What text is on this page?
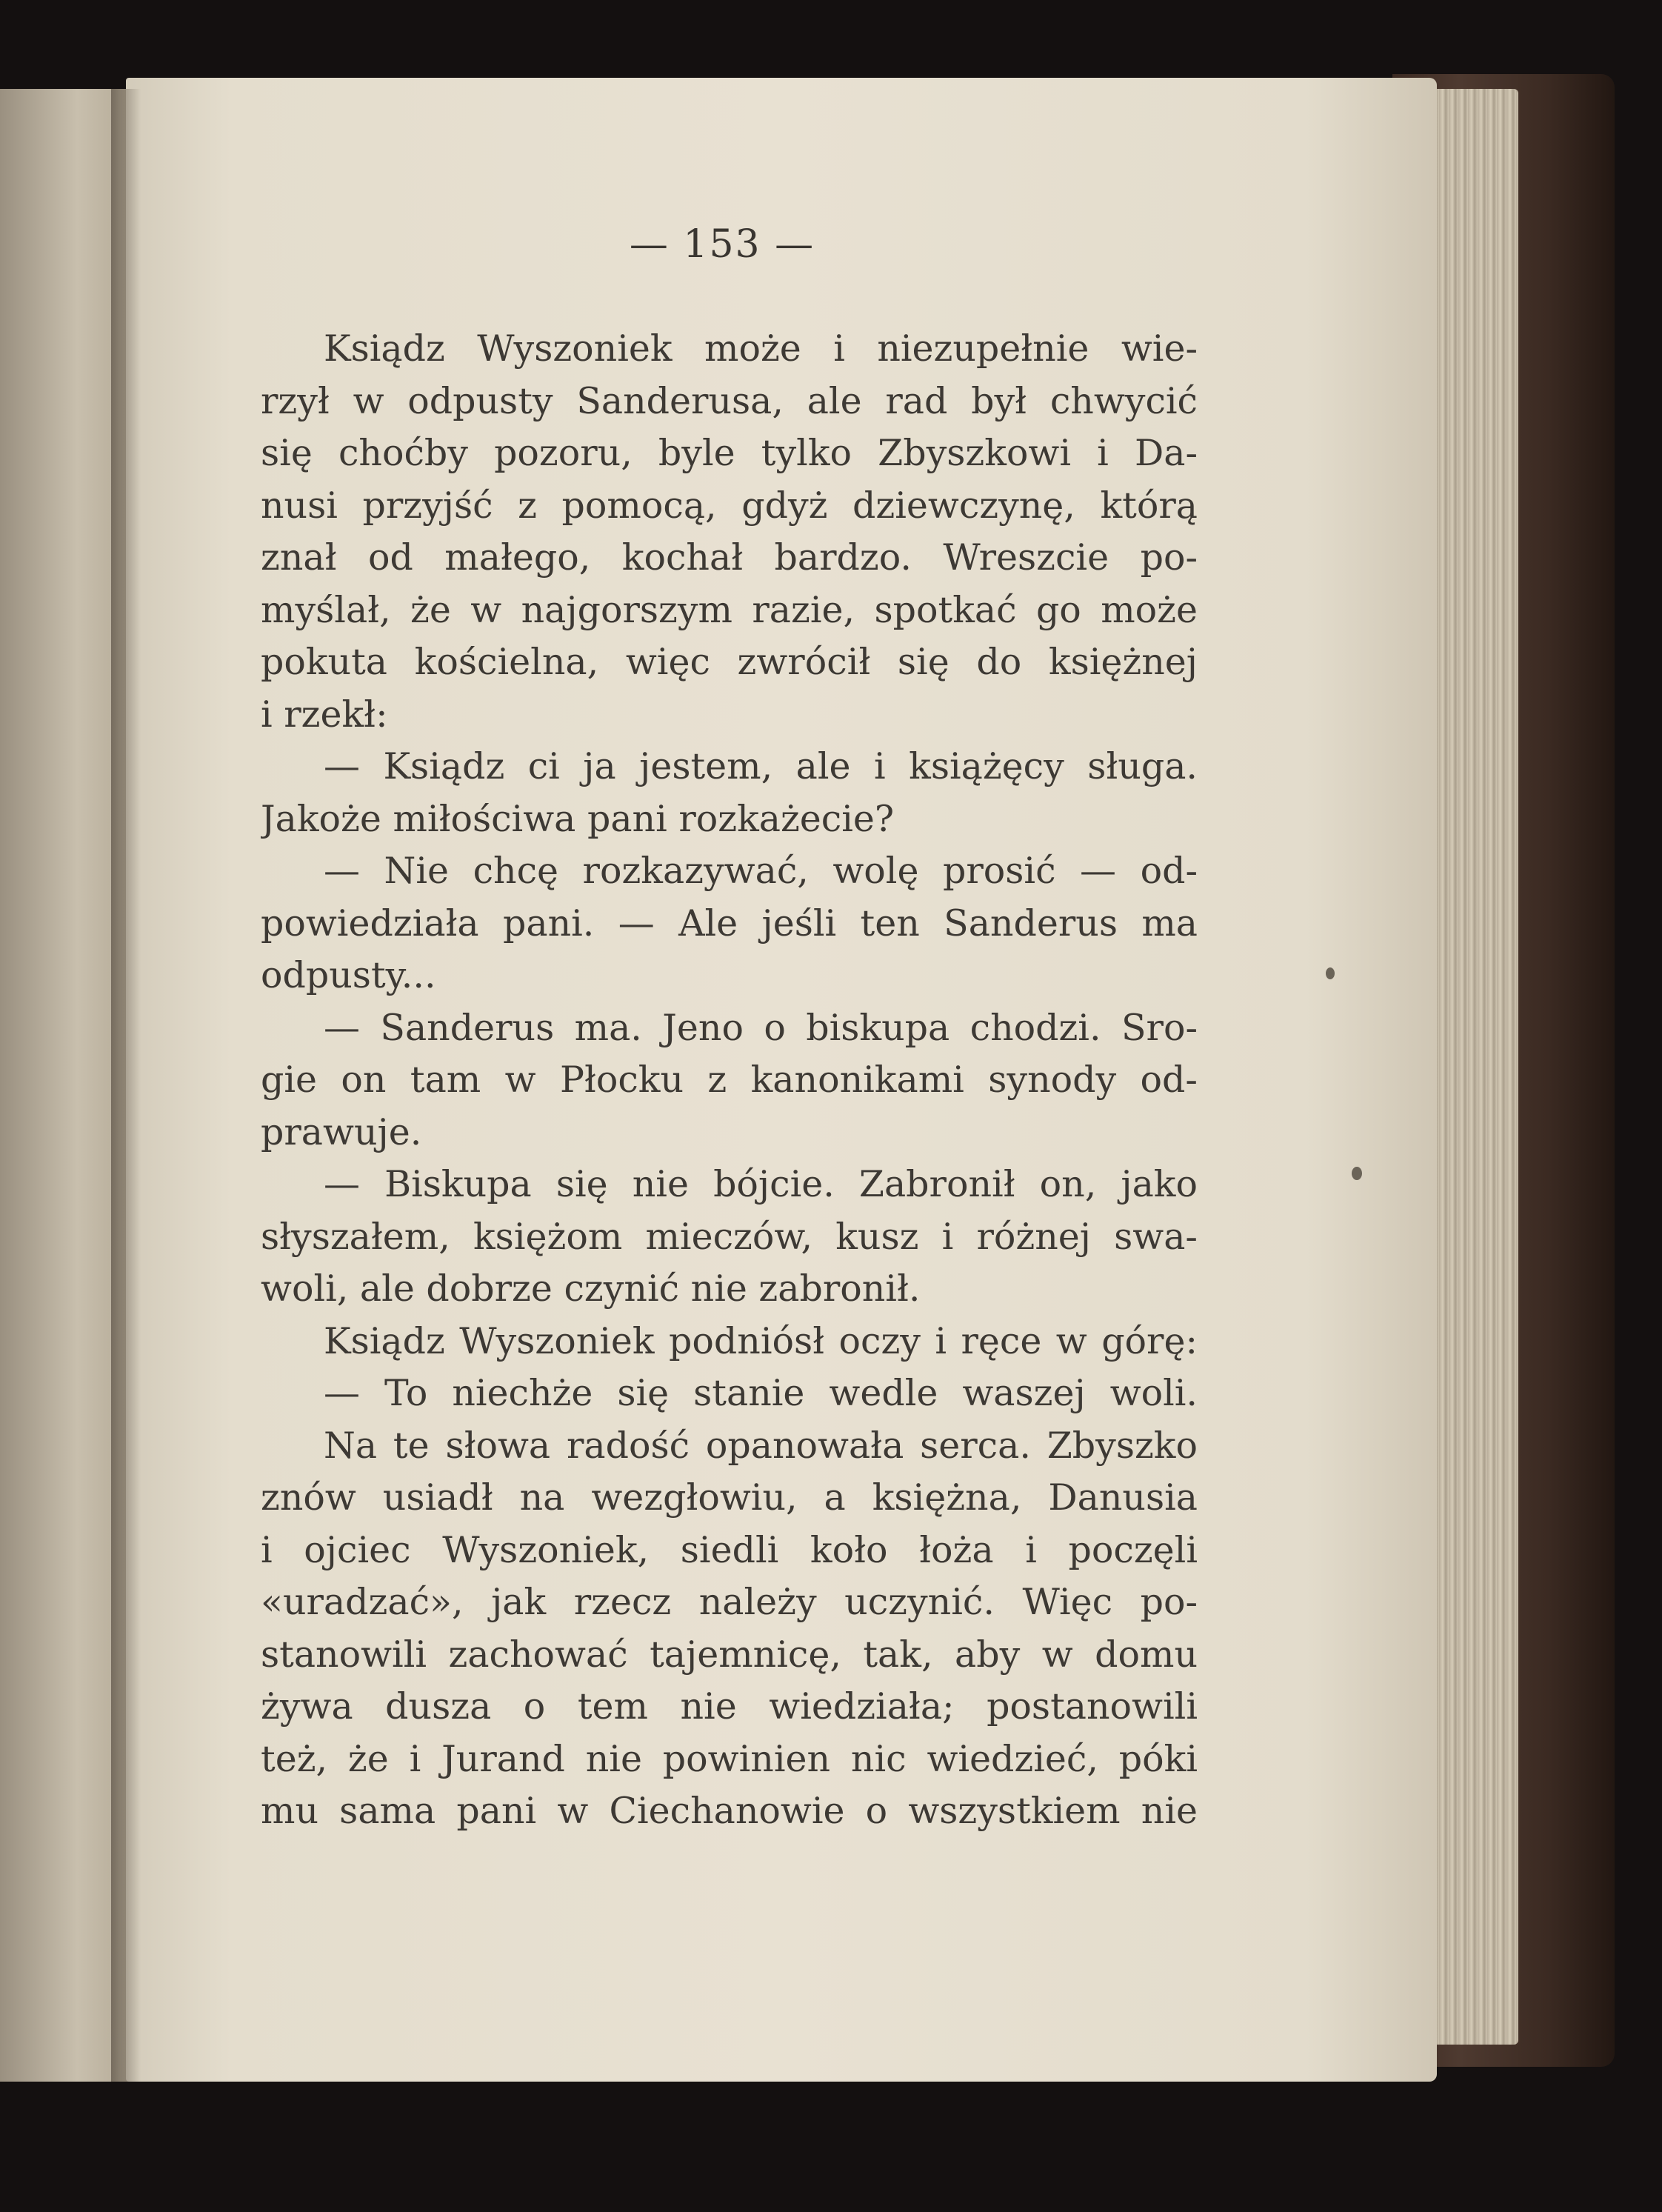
— 153 —
Ksiądz Wyszoniek może i niezupełnie wie-
rzył w odpusty Sanderusa, ale rad był chwycić
się choćby pozoru, byle tylko Zbyszkowi i Da-
nusi przyjść z pomocą, gdyż dziewczynę, którą
znał od małego, kochał bardzo. Wreszcie po-
myślał, że w najgorszym razie, spotkać go może
pokuta kościelna, więc zwrócił się do księżnej
i rzekł:
— Ksiądz ci ja jestem, ale i książęcy sługa.
Jakoże miłościwa pani rozkażecie?
— Nie chcę rozkazywać, wolę prosić — od-
powiedziała pani. — Ale jeśli ten Sanderus ma
odpusty...
— Sanderus ma. Jeno o biskupa chodzi. Sro-
gie on tam w Płocku z kanonikami synody od-
prawuje.
— Biskupa się nie bójcie. Zabronił on, jako
słyszałem, księżom mieczów, kusz i różnej swa-
woli, ale dobrze czynić nie zabronił.
Ksiądz Wyszoniek podniósł oczy i ręce w górę:
— To niechże się stanie wedle waszej woli.
Na te słowa radość opanowała serca. Zbyszko
znów usiadł na wezgłowiu, a księżna, Danusia
i ojciec Wyszoniek, siedli koło łoża i poczęli
«uradzać», jak rzecz należy uczynić. Więc po-
stanowili zachować tajemnicę, tak, aby w domu
żywa dusza o tem nie wiedziała; postanowili
też, że i Jurand nie powinien nic wiedzieć, póki
mu sama pani w Ciechanowie o wszystkiem nie
